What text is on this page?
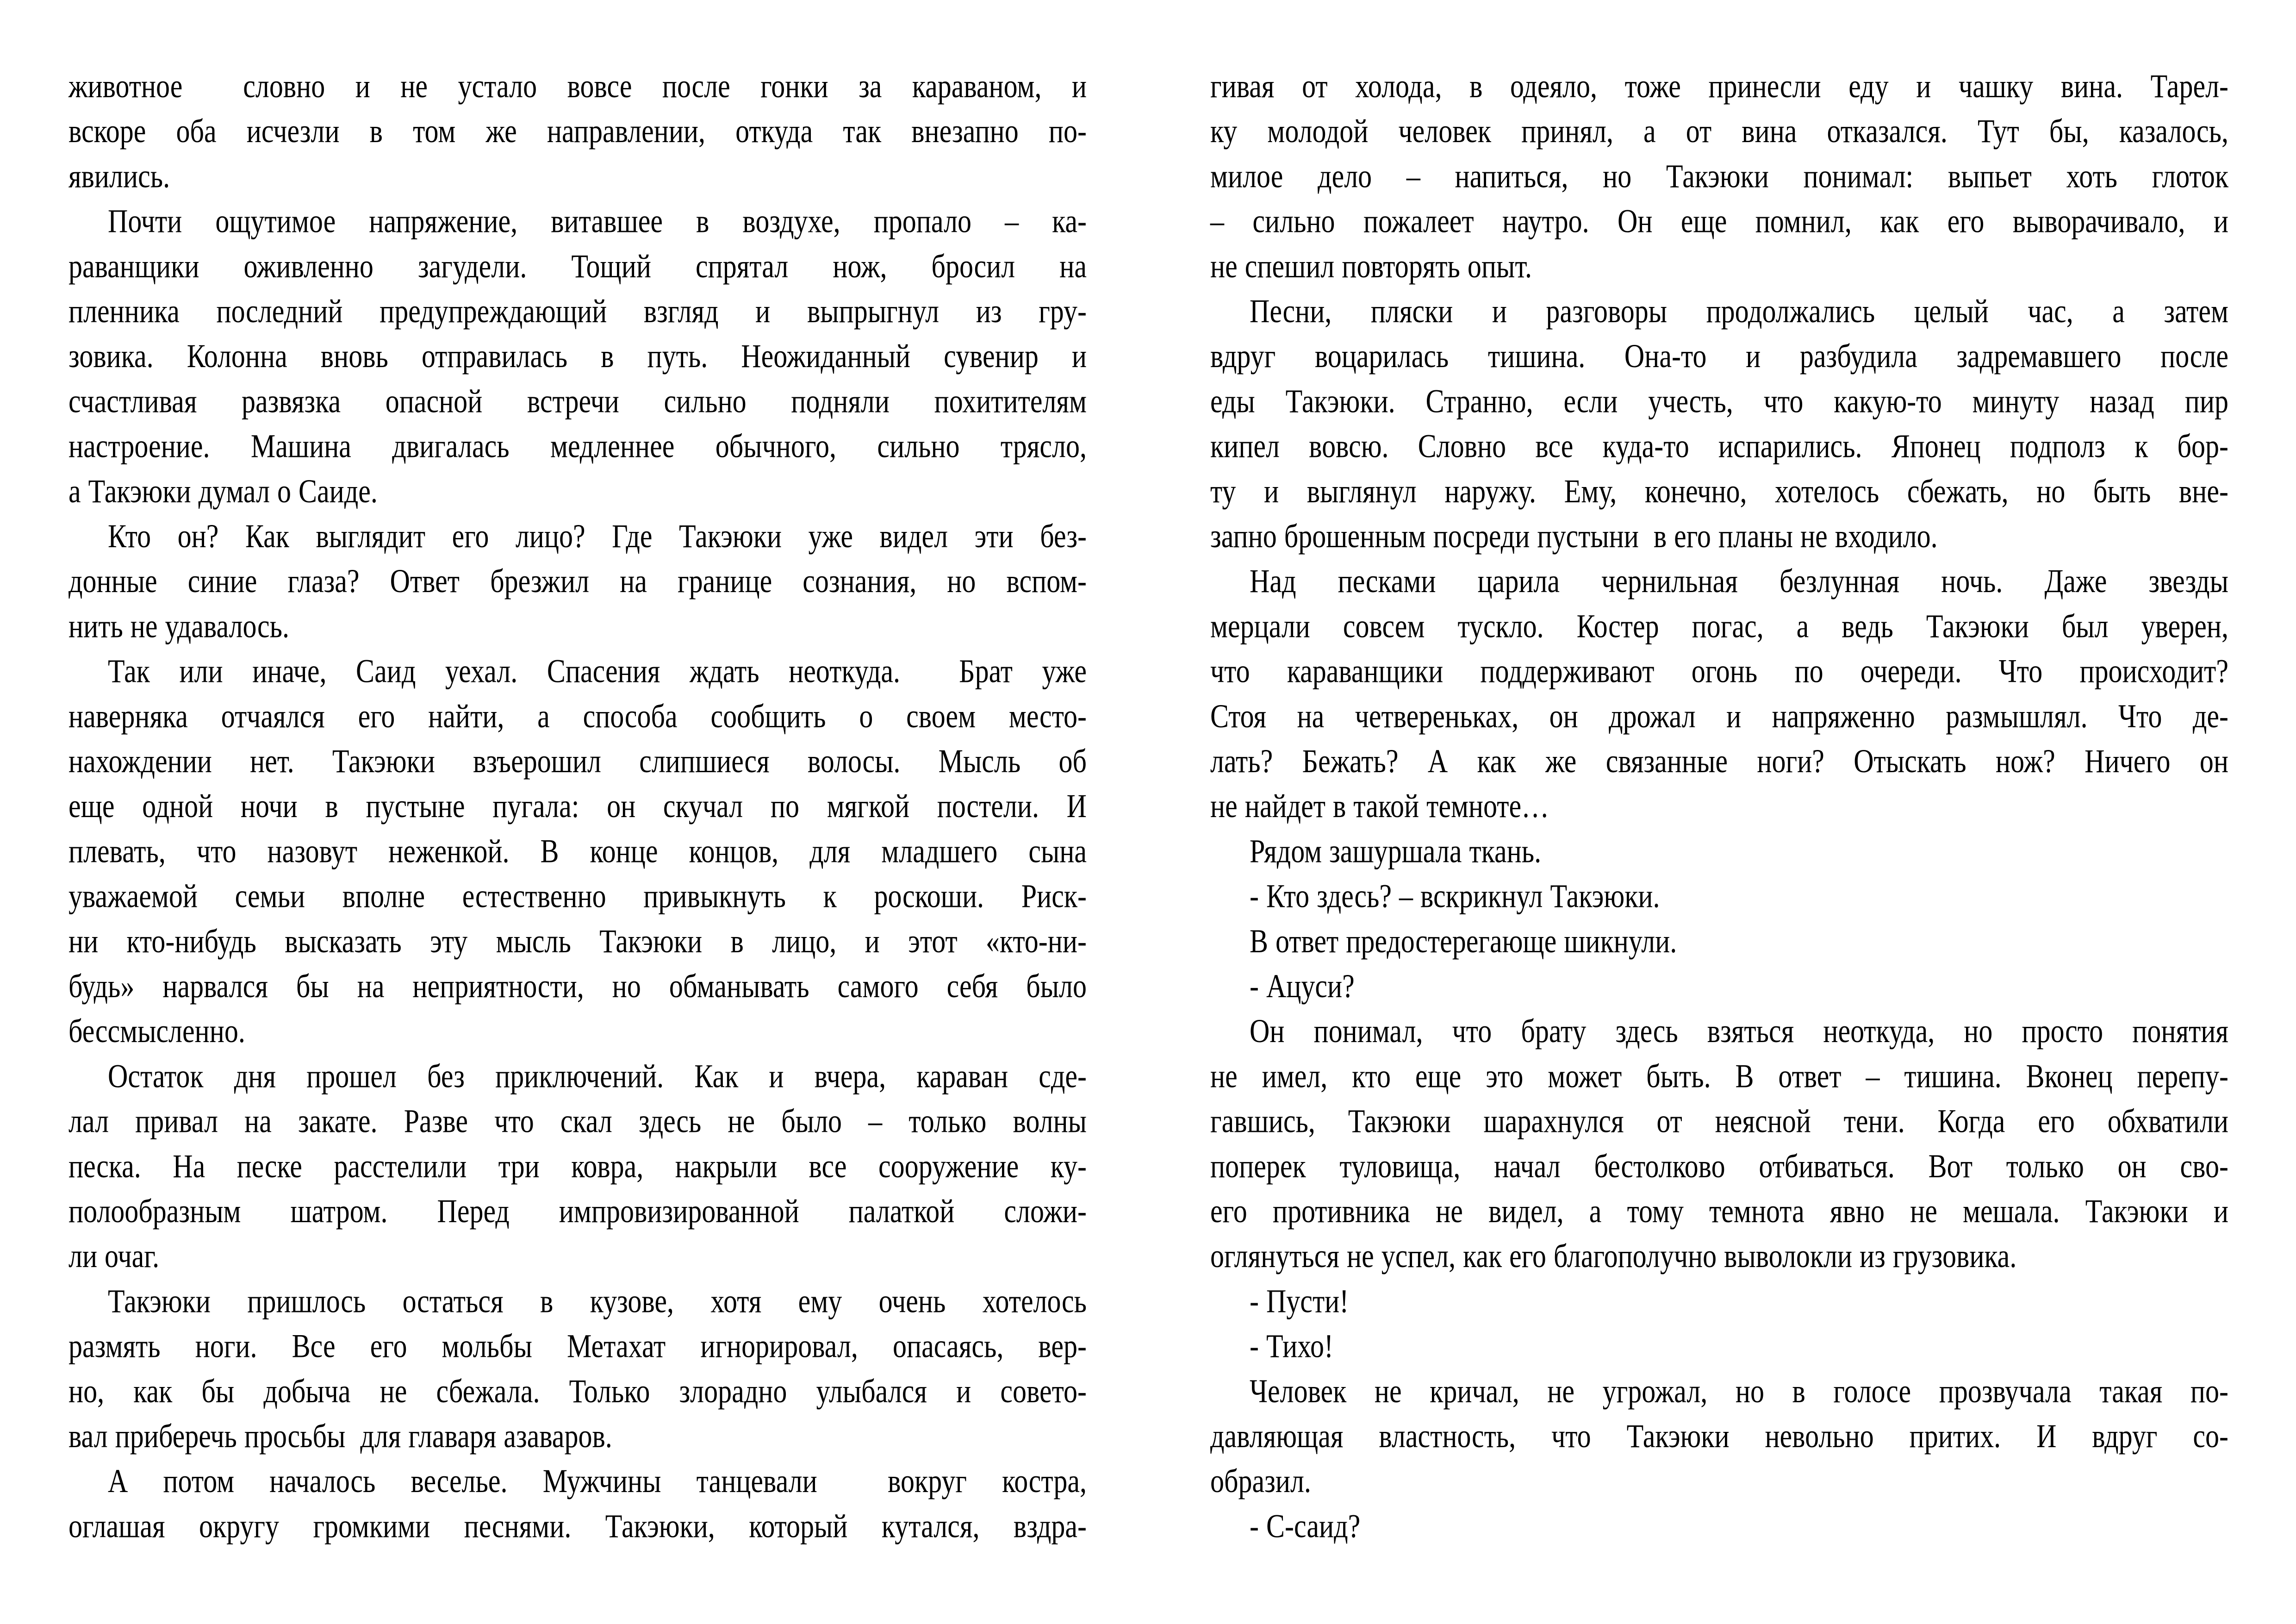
животное  словно и не устало вовсе после гонки за караваном, и
вскоре оба исчезли в том же направлении, откуда так внезапно по-
явились.
Почти ощутимое напряжение, витавшее в воздухе, пропало – ка-
раванщики оживленно загудели. Тощий спрятал нож, бросил на
пленника последний предупреждающий взгляд и выпрыгнул из гру-
зовика. Колонна вновь отправилась в путь. Неожиданный сувенир и
счастливая развязка опасной встречи сильно подняли похитителям
настроение. Машина двигалась медленнее обычного, сильно трясло,
а Такэюки думал о Саиде.
Кто он? Как выглядит его лицо? Где Такэюки уже видел эти без-
донные синие глаза? Ответ брезжил на границе сознания, но вспом-
нить не удавалось.
Так или иначе, Саид уехал. Спасения ждать неоткуда.  Брат уже
наверняка отчаялся его найти, а способа сообщить о своем место-
нахождении нет. Такэюки взъерошил слипшиеся волосы. Мысль об
еще одной ночи в пустыне пугала: он скучал по мягкой постели. И
плевать, что назовут неженкой. В конце концов, для младшего сына
уважаемой семьи вполне естественно привыкнуть к роскоши. Риск-
ни кто-нибудь высказать эту мысль Такэюки в лицо, и этот «кто-ни-
будь» нарвался бы на неприятности, но обманывать самого себя было
бессмысленно.
Остаток дня прошел без приключений. Как и вчера, караван сде-
лал привал на закате. Разве что скал здесь не было – только волны
песка. На песке расстелили три ковра, накрыли все сооружение ку-
полообразным шатром. Перед импровизированной палаткой сложи-
ли очаг.
Такэюки пришлось остаться в кузове, хотя ему очень хотелось
размять ноги. Все его мольбы Метахат игнорировал, опасаясь, вер-
но, как бы добыча не сбежала. Только злорадно улыбался и совето-
вал приберечь просьбы  для главаря азаваров.
А потом началось веселье. Мужчины танцевали  вокруг костра,
оглашая округу громкими песнями. Такэюки, который кутался, вздра-
гивая от холода, в одеяло, тоже принесли еду и чашку вина. Тарел-
ку молодой человек принял, а от вина отказался. Тут бы, казалось,
милое дело – напиться, но Такэюки понимал: выпьет хоть глоток
– сильно пожалеет наутро. Он еще помнил, как его выворачивало, и
не спешил повторять опыт.
Песни, пляски и разговоры продолжались целый час, а затем
вдруг воцарилась тишина. Она-то и разбудила задремавшего после
еды Такэюки. Странно, если учесть, что какую-то минуту назад пир
кипел вовсю. Словно все куда-то испарились. Японец подполз к бор-
ту и выглянул наружу. Ему, конечно, хотелось сбежать, но быть вне-
запно брошенным посреди пустыни  в его планы не входило.
Над песками царила чернильная безлунная ночь. Даже звезды
мерцали совсем тускло. Костер погас, а ведь Такэюки был уверен,
что караванщики поддерживают огонь по очереди. Что происходит?
Стоя на четвереньках, он дрожал и напряженно размышлял. Что де-
лать? Бежать? А как же связанные ноги? Отыскать нож? Ничего он
не найдет в такой темноте…
Рядом зашуршала ткань.
- Кто здесь? – вскрикнул Такэюки.
В ответ предостерегающе шикнули.
- Ацуси?
Он понимал, что брату здесь взяться неоткуда, но просто понятия
не имел, кто еще это может быть. В ответ – тишина. Вконец перепу-
гавшись, Такэюки шарахнулся от неясной тени. Когда его обхватили
поперек туловища, начал бестолково отбиваться. Вот только он сво-
его противника не видел, а тому темнота явно не мешала. Такэюки и
оглянуться не успел, как его благополучно выволокли из грузовика.
- Пусти!
- Тихо!
Человек не кричал, не угрожал, но в голосе прозвучала такая по-
давляющая властность, что Такэюки невольно притих. И вдруг со-
образил.
- С-саид?
